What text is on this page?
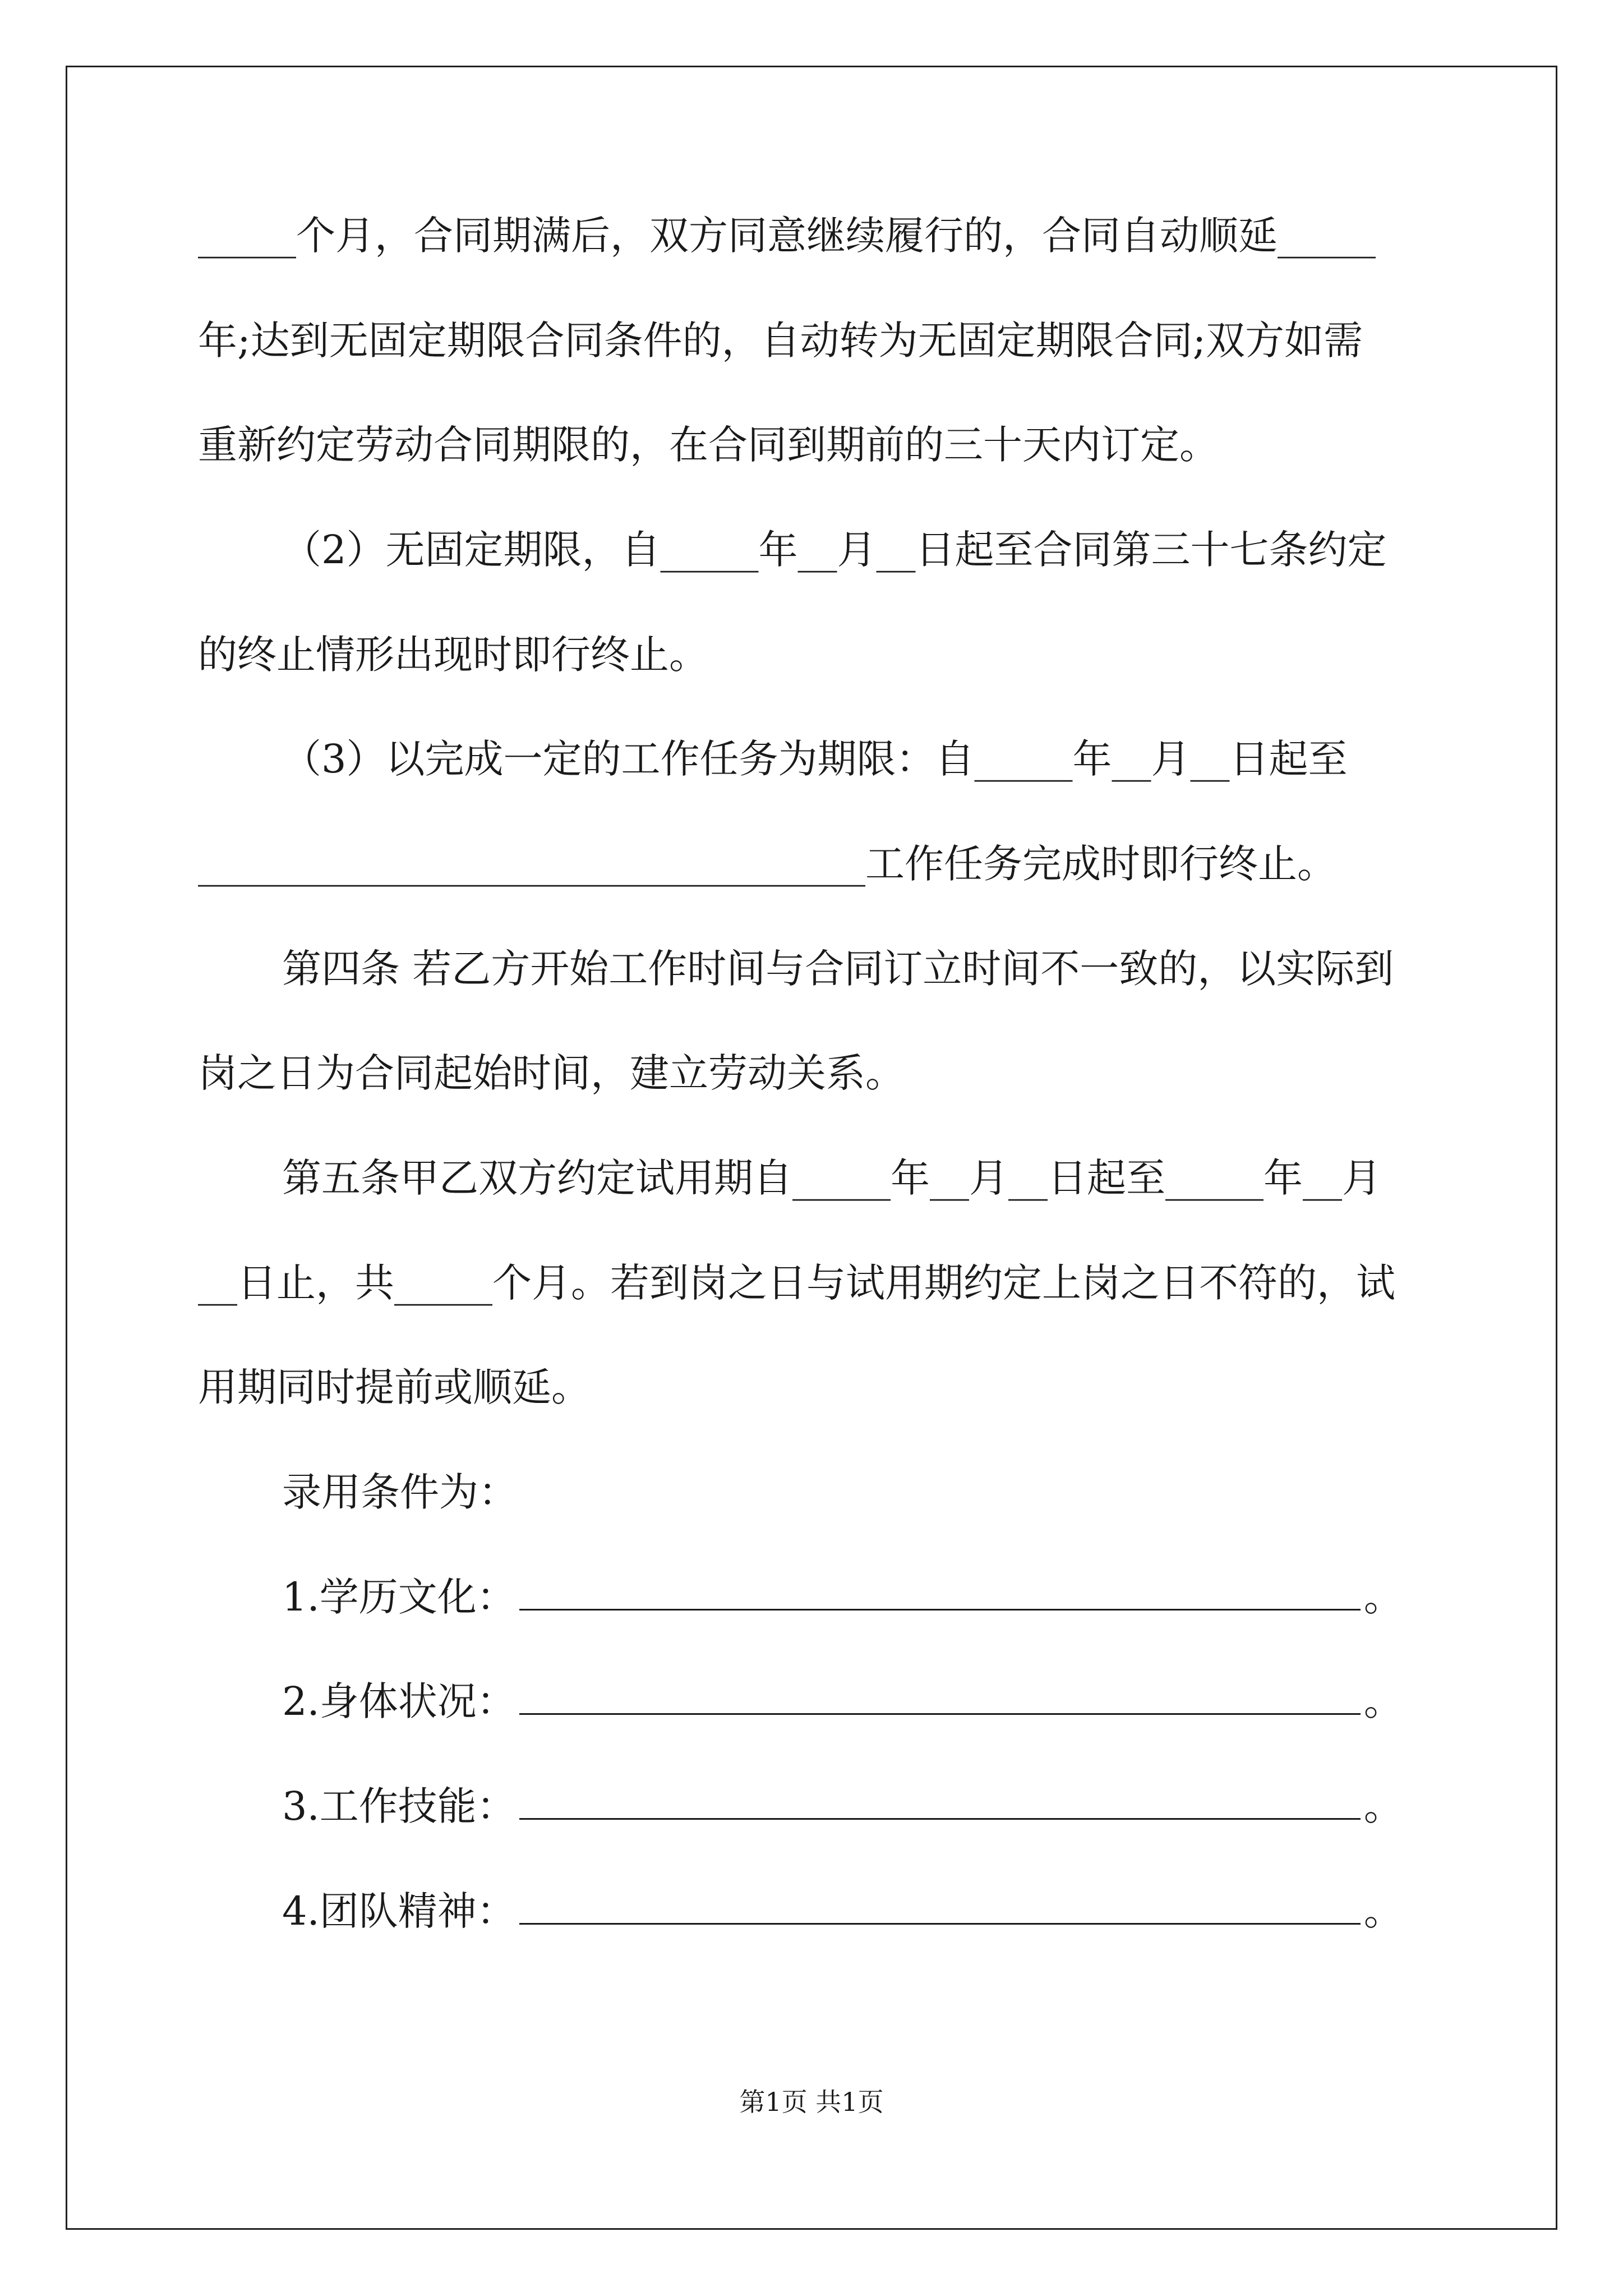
_____个月，合同期满后，双方同意继续履行的，合同自动顺延_____
年;达到无固定期限合同条件的，自动转为无固定期限合同;双方如需
重新约定劳动合同期限的，在合同到期前的三十天内订定。
（2）无固定期限，自_____年__月__日起至合同第三十七条约定
的终止情形出现时即行终止。
（3）以完成一定的工作任务为期限：自_____年__月__日起至
__________________________________工作任务完成时即行终止。
第四条 若乙方开始工作时间与合同订立时间不一致的，以实际到
岗之日为合同起始时间，建立劳动关系。
第五条甲乙双方约定试用期自_____年__月__日起至_____年__月
__日止，共_____个月。若到岗之日与试用期约定上岗之日不符的，试
用期同时提前或顺延。
录用条件为：
1.学历文化：	。
2.身体状况：	。
3.工作技能：	。
4.团队精神：	。
第1页 共1页
